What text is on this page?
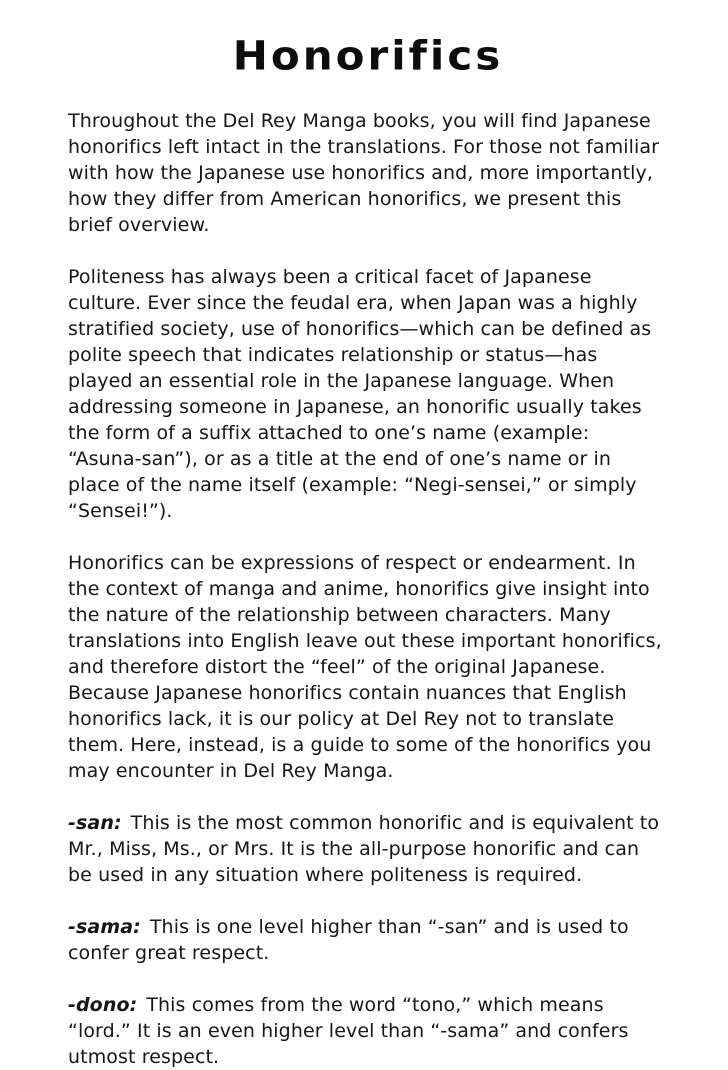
Honorifics

Throughout the Del Rey Manga books, you will find Japanese honorifics left intact in the translations. For those not familiar with how the Japanese use honorifics and, more importantly, how they differ from American honorifics, we present this brief overview.

Politeness has always been a critical facet of Japanese culture. Ever since the feudal era, when Japan was a highly stratified society, use of honorifics—which can be defined as polite speech that indicates relationship or status—has played an essential role in the Japanese language. When addressing someone in Japanese, an honorific usually takes the form of a suffix attached to one’s name (example: “Asuna-san”), or as a title at the end of one’s name or in place of the name itself (example: “Negi-sensei,” or simply “Sensei!”).

Honorifics can be expressions of respect or endearment. In the context of manga and anime, honorifics give insight into the nature of the relationship between characters. Many translations into English leave out these important honorifics, and therefore distort the “feel” of the original Japanese. Because Japanese honorifics contain nuances that English honorifics lack, it is our policy at Del Rey not to translate them. Here, instead, is a guide to some of the honorifics you may encounter in Del Rey Manga.

-san: This is the most common honorific and is equivalent to Mr., Miss, Ms., or Mrs. It is the all-purpose honorific and can be used in any situation where politeness is required.

-sama: This is one level higher than “-san” and is used to confer great respect.

-dono: This comes from the word “tono,” which means “lord.” It is an even higher level than “-sama” and confers utmost respect.
